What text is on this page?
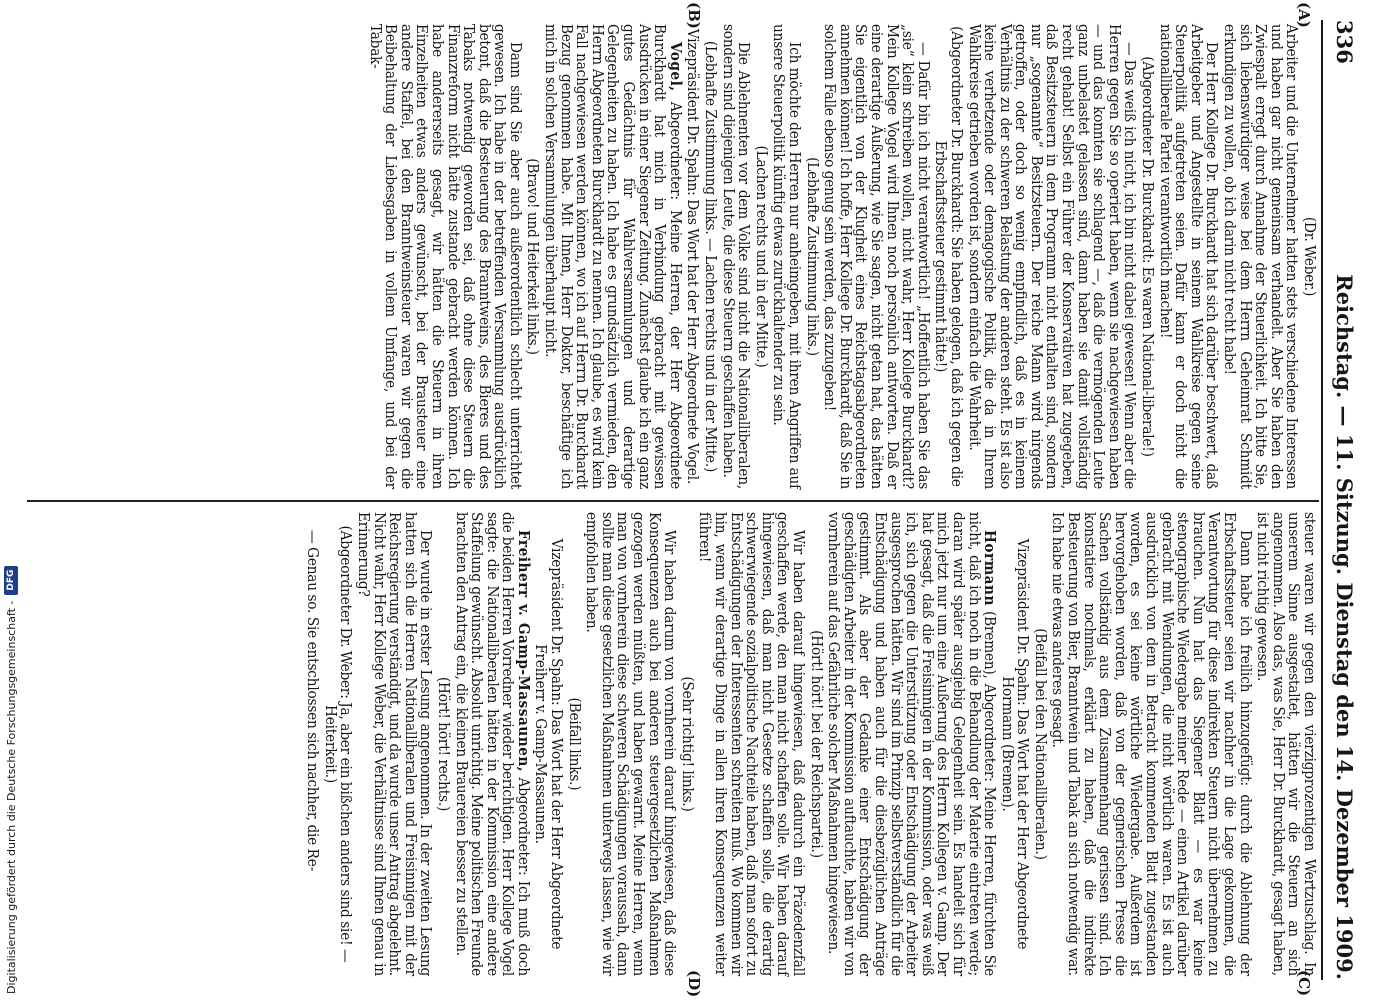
336
Reichstag. — 11. Sitzung. Dienstag den 14. Dezember 1909.
(A)
(B)
(C)
(D)

(Dr. Weber.)

Arbeiter und die Unternehmer hatten stets verschiedene Interessen und haben gar nicht gemeinsam verhandelt. Aber Sie haben den Zwiespalt erregt durch Annahme der Steuerlichkeit. Ich bitte Sie, sich liebenswürdiger weise bei dem Herrn Geheimrat Schmidt erkundigen zu wollen, ob ich darin nicht recht habe!

Der Herr Kollege Dr. Burckhardt hat sich darüber beschwert, daß Arbeitgeber und Angestellte in seinem Wahlkreise gegen seine Steuerpolitik aufgetreten seien. Dafür kann er doch nicht die nationalliberale Partei verantwortlich machen!

(Abgeordneter Dr. Burckhardt: Es waren National-liberale!)

— Das weiß ich nicht, ich bin nicht dabei gewesen! Wenn aber die Herren gegen Sie so operiert haben, wenn sie nachgewiesen haben — und das konnten sie schlagend —, daß die vermögenden Leute ganz unbelastet gelassen sind, dann haben sie damit vollständig recht gehabt! Selbst ein Führer der Konservativen hat zugegeben, daß Besitzsteuern in dem Programm nicht enthalten sind, sondern nur „sogenannte“ Besitzsteuern. Der reiche Mann wird nirgends getroffen, oder doch so wenig empfindlich, daß es in keinem Verhältnis zu der schweren Belastung der anderen steht. Es ist also keine verhetzende oder demagogische Politik, die da in Ihrem Wahlkreise getrieben worden ist, sondern einfach die Wahrheit.

(Abgeordneter Dr. Burckhardt: Sie haben gelogen, daß ich gegen die Erbschaftssteuer gestimmt hätte!)

— Dafür bin ich nicht verantwortlich! „Hoffentlich haben Sie das „sie“ klein schreiben wollen, nicht wahr, Herr Kollege Burckhardt? Mein Kollege Vogel wird Ihnen noch persönlich antworten. Daß er eine derartige Äußerung, wie Sie sagen, nicht getan hat, das hätten Sie eigentlich von der Klugheit eines Reichstagsabgeordneten annehmen können! Ich hoffe, Herr Kollege Dr. Burckhardt, daß Sie in solchem Falle ebenso genug sein werden, das zuzugeben!

(Lebhafte Zustimmung links.)

Ich möchte den Herren nur anheimgeben, mit ihren Angriffen auf unsere Steuerpolitik künftig etwas zurückhaltender zu sein.

(Lachen rechts und in der Mitte.)

Die Ablehnenten vor dem Volke sind nicht die Nationalliberalen, sondern sind diejenigen Leute, die diese Steuern geschaffen haben.

(Lebhafte Zustimmung links. — Lachen rechts und in der Mitte.)

Vizepräsident Dr. Spahn: Das Wort hat der Herr Abgeordnete Vogel.

Vogel, Abgeordneter: Meine Herren, der Herr Abgeordnete Burckhardt hat mich in Verbindung gebracht mit gewissen Ausdrücken in einer Siegener Zeitung. Zunächst glaube ich ein ganz gutes Gedächtnis für Wahlversammlungen und derartige Gelegenheiten zu haben. Ich habe es grundsätzlich vermieden, den Herrn Abgeordneten Burckhardt zu nennen. Ich glaube, es wird kein Fall nachgewiesen werden können, wo ich auf Herrn Dr. Burckhardt Bezug genommen habe. Mit Ihnen, Herr Doktor, beschäftige ich mich in solchen Versammlungen überhaupt nicht.

(Bravo! und Heiterkeit links.)

Dann sind Sie aber auch außerordentlich schlecht unterrichtet gewesen. Ich habe in der betreffenden Versammlung ausdrücklich betont, daß die Besteuerung des Branntweins, des Bieres und des Tabaks notwendig geworden sei, daß ohne diese Steuern die Finanzreform nicht hätte zustande gebracht werden können. Ich habe andererseits gesagt, wir hätten die Steuern in ihren Einzelheiten etwas anders gewünscht, bei der Brausteuer eine andere Staffel, bei den Branntweinsteuer waren wir gegen die Beibehaltung der Liebesgaben in vollem Umfange, und bei der Tabak-

steuer waren wir gegen den vierzigprozentigen Wertzuschlag. In unserem Sinne ausgestaltet, hätten wir die Steuern an sich angenommen. Also das, was Sie, Herr Dr. Burckhardt, gesagt haben, ist nicht richtig gewesen.

Dann habe ich freilich hinzugefügt: durch die Ablehnung der Erbschaftssteuer seien wir nachher in die Lage gekommen, die Verantwortung für diese indirekten Steuern nicht übernehmen zu brauchen. Nun hat das Siegener Blatt — es war keine stenographische Wiedergabe meiner Rede — einen Artikel darüber gebracht mit Wendungen, die nicht wörtlich waren. Es ist auch ausdrücklich von dem in Betracht kommenden Blatt zugestanden worden, es sei keine wörtliche Wiedergabe. Außerdem ist hervorgehoben worden, daß von der gegnerischen Presse die Sachen vollständig aus dem Zusammenhang gerissen sind. Ich konstatiere nochmals, erklärt zu haben, daß die indirekte Besteuerung von Bier, Branntwein und Tabak an sich notwendig war. Ich habe nie etwas anderes gesagt.

(Beifall bei den Nationalliberalen.)

Vizepräsident Dr. Spahn: Das Wort hat der Herr Abgeordnete Hormann (Bremen).

Hormann (Bremen), Abgeordneter: Meine Herren, fürchten Sie nicht, daß ich noch in die Behandlung der Materie eintreten werde; daran wird später ausgiebig Gelegenheit sein. Es handelt sich für mich jetzt nur um eine Äußerung des Herrn Kollegen v. Gamp. Der hat gesagt, daß die Freisinnigen in der Kommission, oder was weiß ich, sich gegen die Unterstützung oder Entschädigung der Arbeiter ausgesprochen hätten. Wir sind im Prinzip selbstverständlich für die Entschädigung und haben auch für die diesbezüglichen Anträge gestimmt. Als aber der Gedanke einer Entschädigung der geschädigten Arbeiter in der Kommission auftauchte, haben wir von vornherein auf das Gefährliche solcher Maßnahmen hingewiesen.

(Hört! hört! bei der Reichspartei.)

Wir haben darauf hingewiesen, daß dadurch ein Präzedenzfall geschaffen werde, den man nicht schaffen solle. Wir haben darauf hingewiesen, daß man nicht Gesetze schaffen solle, die derartig schwerwiegende sozialpolitische Nachteile haben, daß man sofort zu Entschädigungen der Interessenten schreiten muß. Wo kommen wir hin, wenn wir derartige Dinge in allen ihren Konsequenzen weiter führen!

(Sehr richtig! links.)

Wir haben darum von vornherein darauf hingewiesen, daß diese Konsequenzen auch bei anderen steuergesetzlichen Maßnahmen gezogen werden müßten, und haben gewarnt. Meine Herren, wenn man von vornherein diese schweren Schädigungen voraussah, dann sollte man diese gesetzlichen Maßnahmen unterwegs lassen, wie wir empfohlen haben.

(Beifall links.)

Vizepräsident Dr. Spahn: Das Wort hat der Herr Abgeordnete Freiherr v. Gamp-Massaunen.

Freiherr v. Gamp-Massaunen, Abgeordneter: Ich muß doch die beiden Herren Vorredner wieder berichtigen. Herr Kollege Vogel sagte: die Nationalliberalen hätten in der Kommission eine andere Staffelung gewünscht. Absolut unrichtig. Meine politischen Freunde brachten den Antrag ein, die kleinen Brauereien besser zu stellen.

(Hört! hört! rechts.)

Der wurde in erster Lesung angenommen. In der zweiten Lesung hatten sich die Herren Nationalliberalen und Freisinnigen mit der Reichsregierung verständigt, und da wurde unser Antrag abgelehnt. Nicht wahr, Herr Kollege Weber, die Verhältnisse sind Ihnen genau in Erinnerung?

(Abgeordneter Dr. Weber: Ja, aber ein bißchen anders sind sie! — Heiterkeit.)

— Genau so. Sie entschlossen sich nachher, die Re-

Digitalisierung gefördert durch die Deutsche Forschungsgemeinschaft -
DFG
